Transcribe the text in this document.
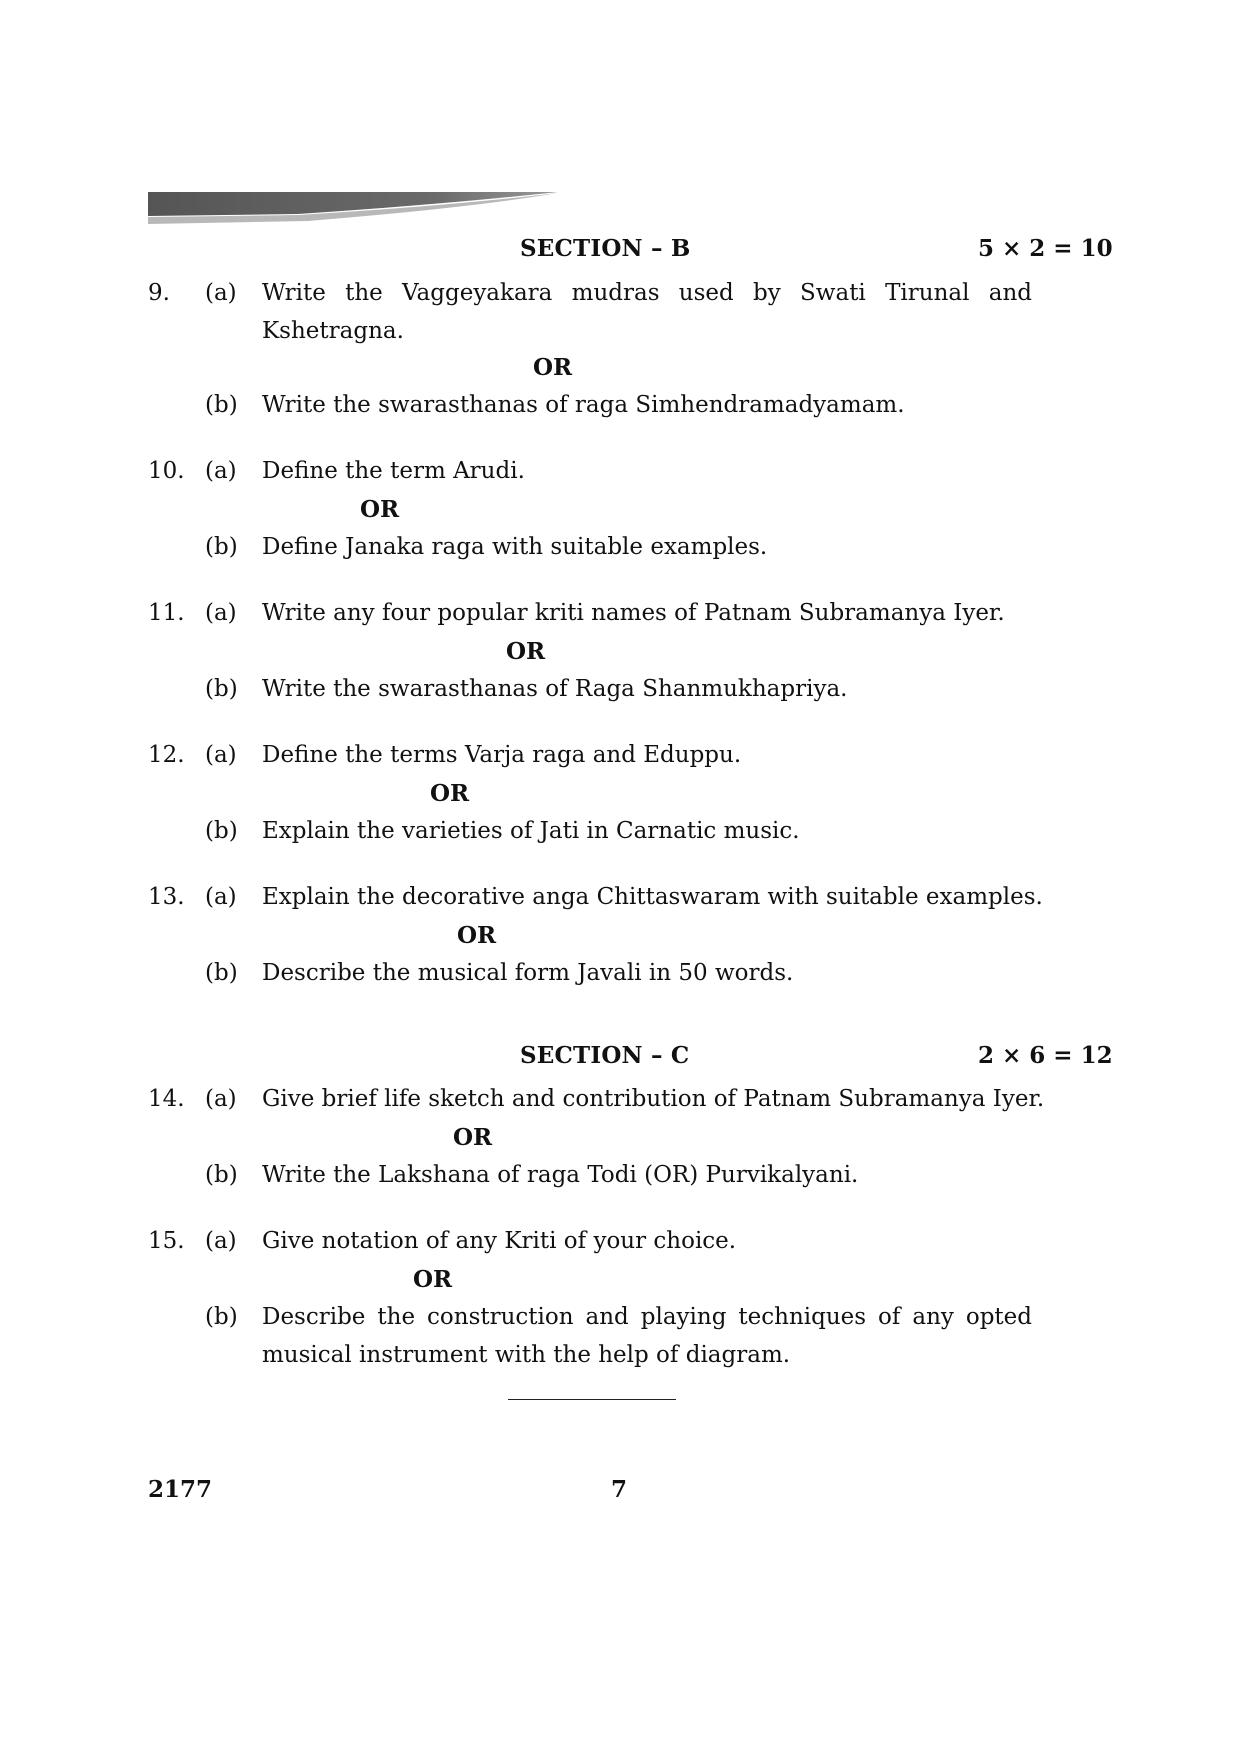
SECTION – B	5 × 2 = 10
9. (a) Write the Vaggeyakara mudras used by Swati Tirunal and Kshetragna.
OR
(b) Write the swarasthanas of raga Simhendramadyamam.
10. (a) Define the term Arudi.
OR
(b) Define Janaka raga with suitable examples.
11. (a) Write any four popular kriti names of Patnam Subramanya Iyer.
OR
(b) Write the swarasthanas of Raga Shanmukhapriya.
12. (a) Define the terms Varja raga and Eduppu.
OR
(b) Explain the varieties of Jati in Carnatic music.
13. (a) Explain the decorative anga Chittaswaram with suitable examples.
OR
(b) Describe the musical form Javali in 50 words.
SECTION – C	2 × 6 = 12
14. (a) Give brief life sketch and contribution of Patnam Subramanya Iyer.
OR
(b) Write the Lakshana of raga Todi (OR) Purvikalyani.
15. (a) Give notation of any Kriti of your choice.
OR
(b) Describe the construction and playing techniques of any opted musical instrument with the help of diagram.
2177	7
